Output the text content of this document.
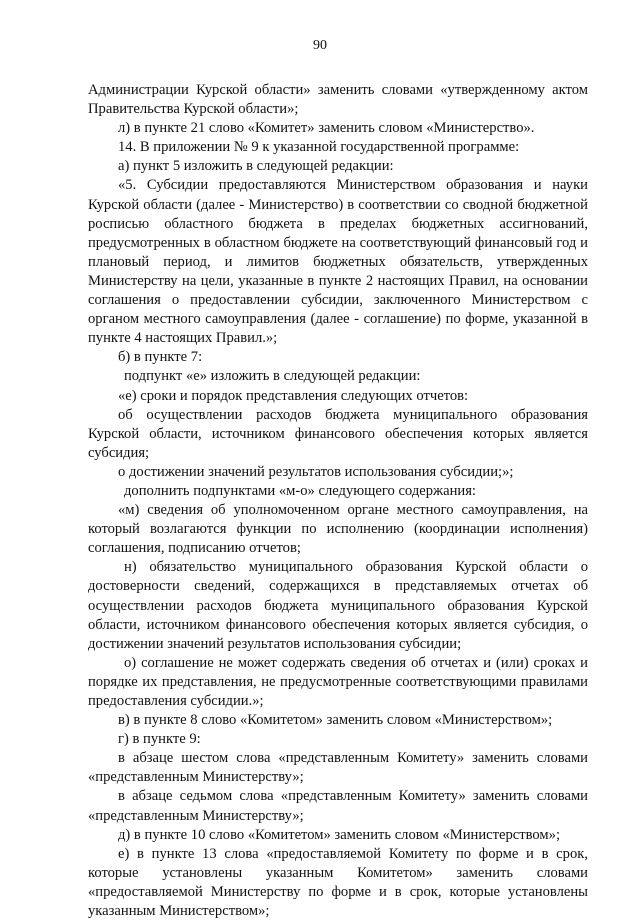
90

Администрации Курской области» заменить словами «утвержденному актом Правительства Курской области»;

л) в пункте 21 слово «Комитет» заменить словом «Министерство».

14. В приложении № 9 к указанной государственной программе:

а) пункт 5 изложить в следующей редакции:

«5. Субсидии предоставляются Министерством образования и науки Курской области (далее - Министерство) в соответствии со сводной бюджетной росписью областного бюджета в пределах бюджетных ассигнований, предусмотренных в областном бюджете на соответствующий финансовый год и плановый период, и лимитов бюджетных обязательств, утвержденных Министерству на цели, указанные в пункте 2 настоящих Правил, на основании соглашения о предоставлении субсидии, заключенного Министерством с органом местного самоуправления (далее - соглашение) по форме, указанной в пункте 4 настоящих Правил.»;

б) в пункте 7:

подпункт «е» изложить в следующей редакции:

«е) сроки и порядок представления следующих отчетов:

об осуществлении расходов бюджета муниципального образования Курской области, источником финансового обеспечения которых является субсидия;

о достижении значений результатов использования субсидии;»;

дополнить подпунктами «м-о» следующего содержания:

«м) сведения об уполномоченном органе местного самоуправления, на который возлагаются функции по исполнению (координации исполнения) соглашения, подписанию отчетов;

н) обязательство муниципального образования Курской области о достоверности сведений, содержащихся в представляемых отчетах об осуществлении расходов бюджета муниципального образования Курской области, источником финансового обеспечения которых является субсидия, о достижении значений результатов использования субсидии;

о) соглашение не может содержать сведения об отчетах и (или) сроках и порядке их представления, не предусмотренные соответствующими правилами предоставления субсидии.»;

в) в пункте 8 слово «Комитетом» заменить словом «Министерством»;

г) в пункте 9:

в абзаце шестом слова «представленным Комитету» заменить словами «представленным Министерству»;

в абзаце седьмом слова «представленным Комитету» заменить словами «представленным Министерству»;

д) в пункте 10 слово «Комитетом» заменить словом «Министерством»;

е) в пункте 13 слова «предоставляемой Комитету по форме и в срок, которые установлены указанным Комитетом» заменить словами «предоставляемой Министерству по форме и в срок, которые установлены указанным Министерством»;
